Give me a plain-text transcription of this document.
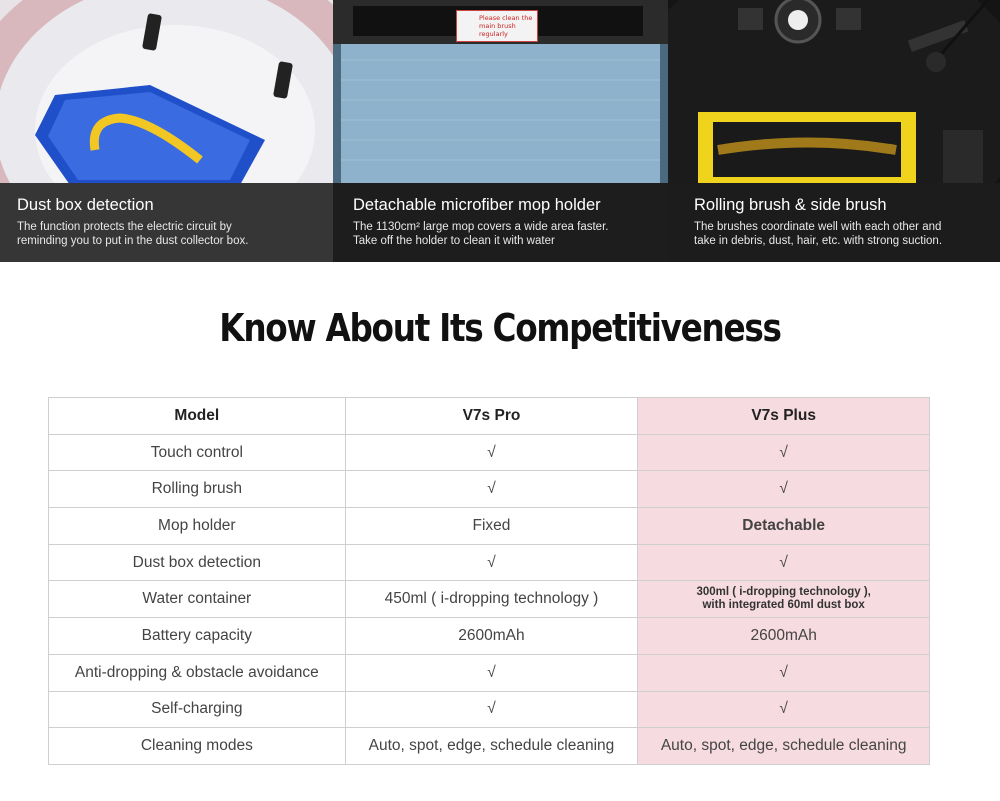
Dust box detection
The function protects the electric circuit by
reminding you to put in the dust collector box.
Please clean the main brush regularly
Detachable microfiber mop holder
The 1130cm² large mop covers a wide area faster.
Take off the holder to clean it with water
Rolling brush & side brush
The brushes coordinate well with each other and
take in debris, dust, hair, etc. with strong suction.
Know About Its Competitiveness
Model	V7s Pro	V7s Plus
Touch control	√	√
Rolling brush	√	√
Mop holder	Fixed	Detachable
Dust box detection	√	√
Water container	450ml ( i-dropping technology )	300ml ( i-dropping technology ),
with integrated 60ml dust box
Battery capacity	2600mAh	2600mAh
Anti-dropping & obstacle avoidance	√	√
Self-charging	√	√
Cleaning modes	Auto, spot, edge, schedule cleaning	Auto, spot, edge, schedule cleaning
